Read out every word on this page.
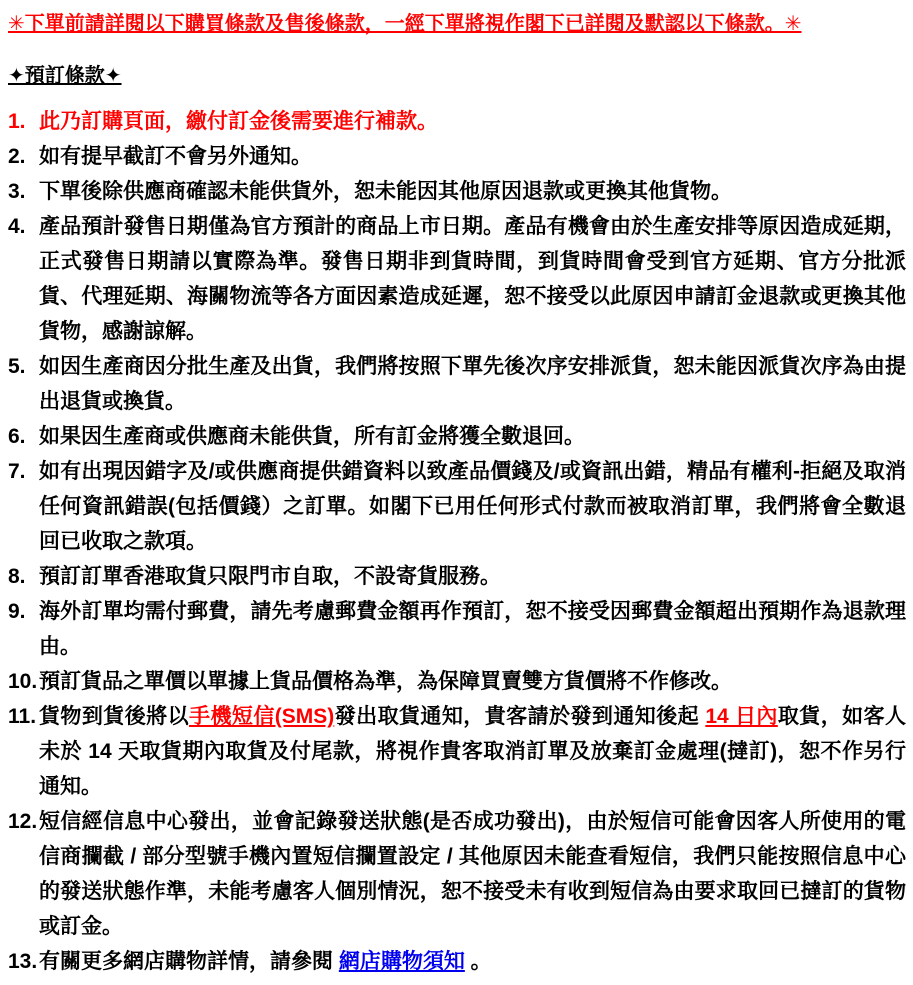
✳︎下單前請詳閱以下購買條款及售後條款，一經下單將視作閣下已詳閱及默認以下條款。✳︎
✦預訂條款✦
1. 此乃訂購頁面，繳付訂金後需要進行補款。
2. 如有提早截訂不會另外通知。
3. 下單後除供應商確認未能供貨外，恕未能因其他原因退款或更換其他貨物。
4. 產品預計發售日期僅為官方預計的商品上市日期。產品有機會由於生產安排等原因造成延期，正式發售日期請以實際為準。發售日期非到貨時間，到貨時間會受到官方延期、官方分批派貨、代理延期、海關物流等各方面因素造成延遲，恕不接受以此原因申請訂金退款或更換其他貨物，感謝諒解。
5. 如因生產商因分批生產及出貨，我們將按照下單先後次序安排派貨，恕未能因派貨次序為由提出退貨或換貨。
6. 如果因生產商或供應商未能供貨，所有訂金將獲全數退回。
7. 如有出現因錯字及/或供應商提供錯資料以致產品價錢及/或資訊出錯，精品有權利-拒絕及取消任何資訊錯誤(包括價錢）之訂單。如閣下已用任何形式付款而被取消訂單，我們將會全數退回已收取之款項。
8. 預訂訂單香港取貨只限門市自取，不設寄貨服務。
9. 海外訂單均需付郵費，請先考慮郵費金額再作預訂，恕不接受因郵費金額超出預期作為退款理由。
10. 預訂貨品之單價以單據上貨品價格為準，為保障買賣雙方貨價將不作修改。
11. 貨物到貨後將以手機短信(SMS)發出取貨通知，貴客請於發到通知後起 14 日內取貨，如客人未於 14 天取貨期內取貨及付尾款，將視作貴客取消訂單及放棄訂金處理(撻訂)，恕不作另行通知。
12. 短信經信息中心發出，並會記錄發送狀態(是否成功發出)，由於短信可能會因客人所使用的電信商攔截 / 部分型號手機內置短信攔置設定 / 其他原因未能查看短信，我們只能按照信息中心的發送狀態作準，未能考慮客人個別情況，恕不接受未有收到短信為由要求取回已撻訂的貨物或訂金。
13. 有關更多網店購物詳情，請參閱 網店購物須知 。
